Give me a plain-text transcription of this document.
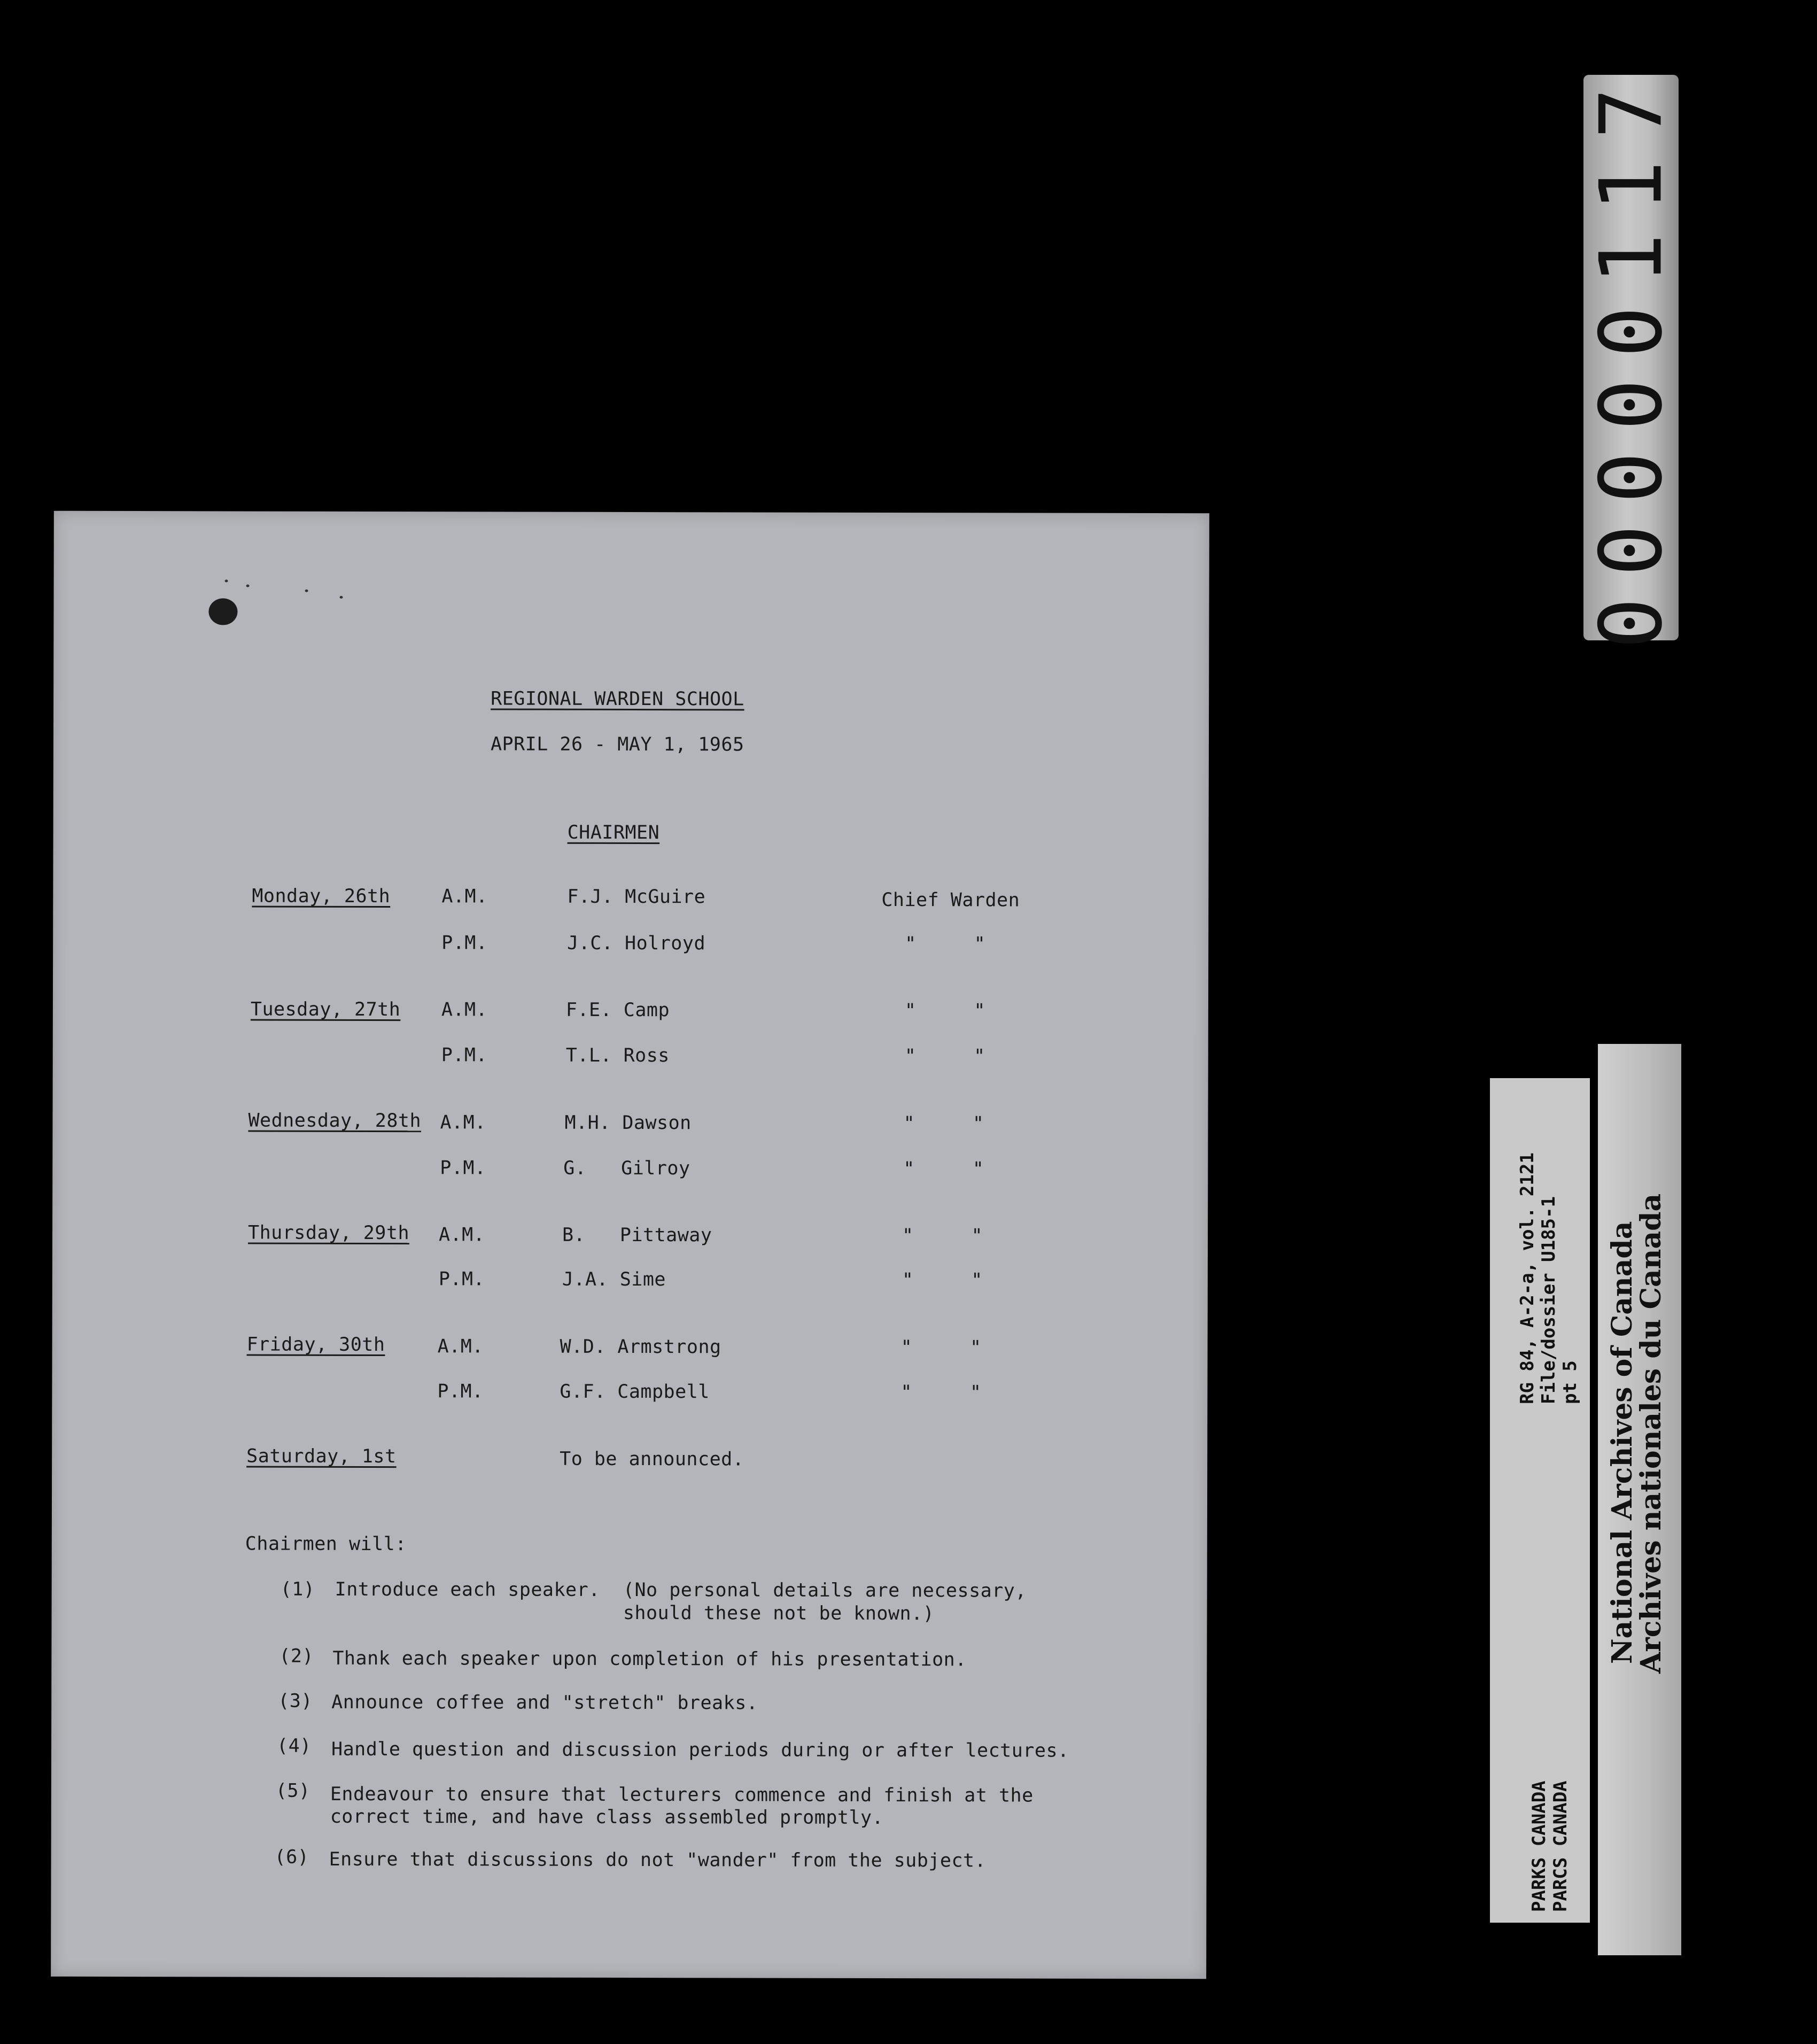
REGIONAL WARDEN SCHOOL
APRIL 26 - MAY 1, 1965
CHAIRMEN
Monday, 26th	A.M.	F.J. McGuire	Chief Warden
P.M.	J.C. Holroyd	"     "
Tuesday, 27th A.M.	F.E. Camp	"     "
P.M.	T.L. Ross	"     "
Wednesday, 28th A.M.	M.H. Dawson	"     "
P.M.	G.   Gilroy	"     "
Thursday, 29th A.M.	B.   Pittaway	"     "
P.M.	J.A. Sime	"     "
Friday, 30th	A.M.	W.D. Armstrong	"     "
P.M.	G.F. Campbell	"     "
Saturday, 1st	To be announced.
Chairmen will:
(1) Introduce each speaker.  (No personal details are necessary,
should these not be known.)
(2) Thank each speaker upon completion of his presentation.
(3) Announce coffee and "stretch" breaks.
(4) Handle question and discussion periods during or after lectures.
(5) Endeavour to ensure that lecturers commence and finish at the
correct time, and have class assembled promptly.
(6) Ensure that discussions do not "wander" from the subject.
00000117
RG 84, A-2-a, vol. 2121 File/dossier U185-1 pt 5
PARKS CANADA PARCS CANADA
National Archives of Canada
Archives nationales du Canada
